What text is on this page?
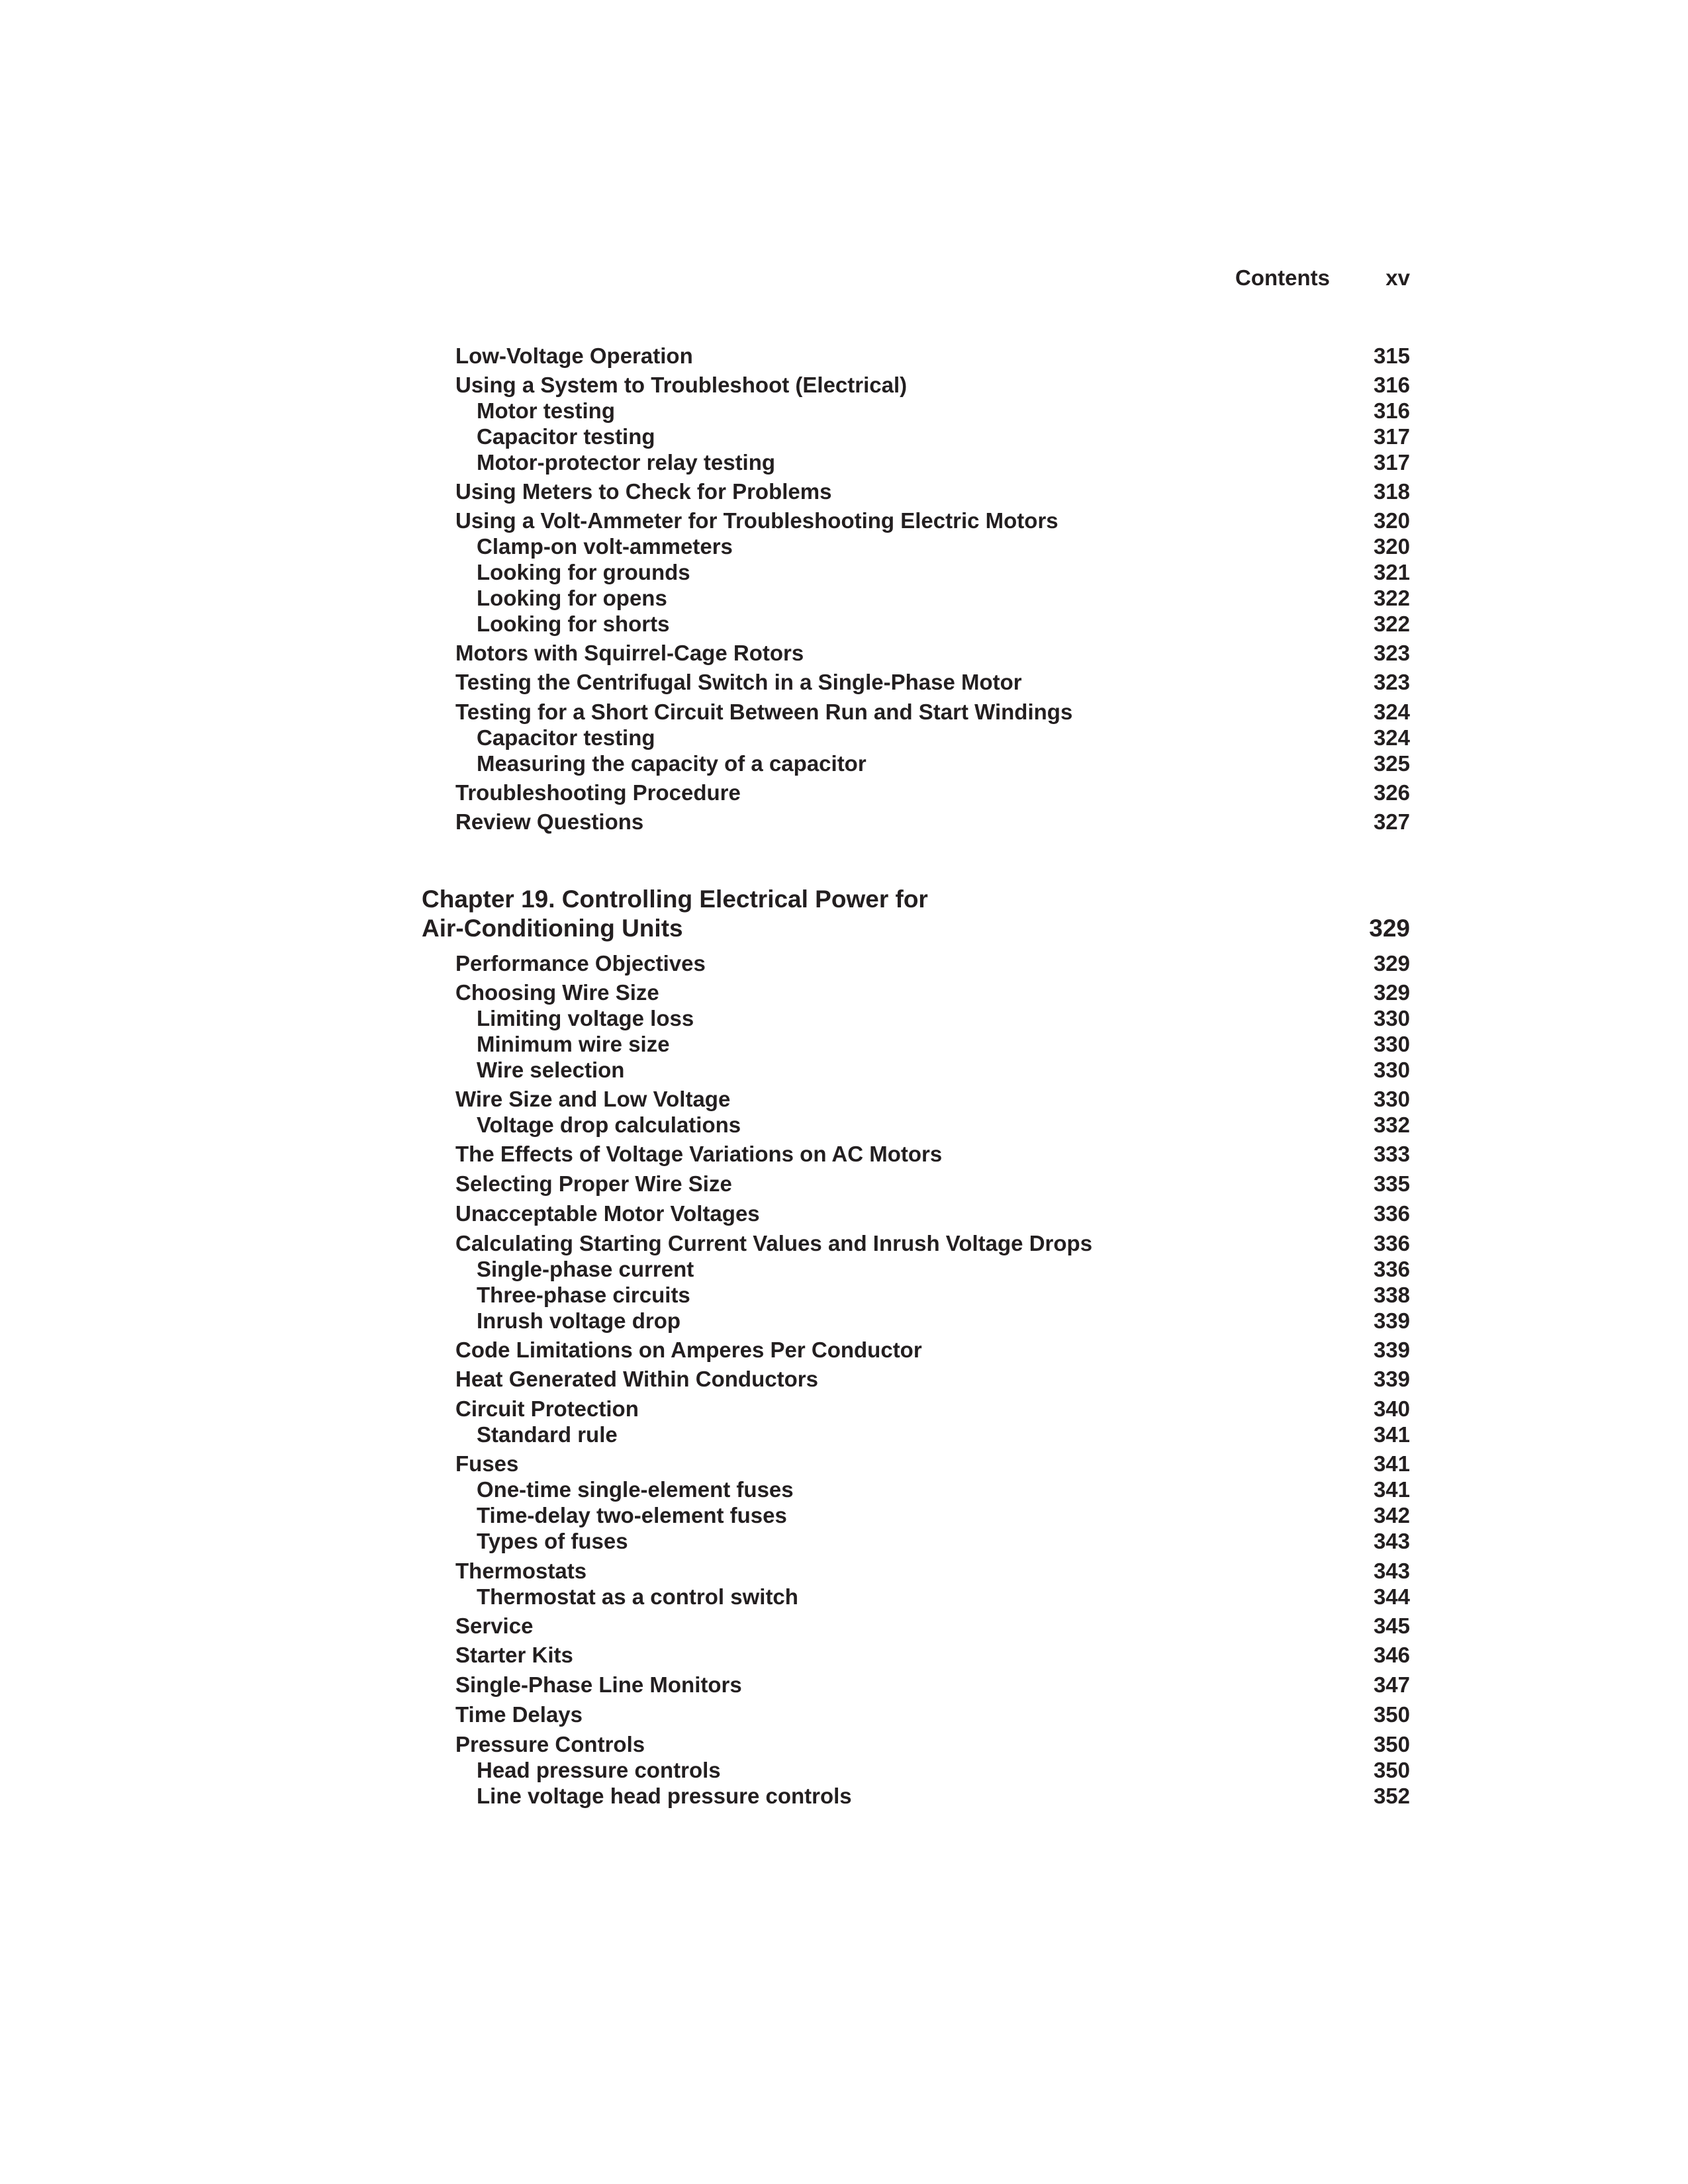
Contents	xv
Low-Voltage Operation	315
Using a System to Troubleshoot (Electrical)	316
Motor testing	316
Capacitor testing	317
Motor-protector relay testing	317
Using Meters to Check for Problems	318
Using a Volt-Ammeter for Troubleshooting Electric Motors	320
Clamp-on volt-ammeters	320
Looking for grounds	321
Looking for opens	322
Looking for shorts	322
Motors with Squirrel-Cage Rotors	323
Testing the Centrifugal Switch in a Single-Phase Motor	323
Testing for a Short Circuit Between Run and Start Windings	324
Capacitor testing	324
Measuring the capacity of a capacitor	325
Troubleshooting Procedure	326
Review Questions	327
Chapter 19. Controlling Electrical Power for
Air-Conditioning Units	329
Performance Objectives	329
Choosing Wire Size	329
Limiting voltage loss	330
Minimum wire size	330
Wire selection	330
Wire Size and Low Voltage	330
Voltage drop calculations	332
The Effects of Voltage Variations on AC Motors	333
Selecting Proper Wire Size	335
Unacceptable Motor Voltages	336
Calculating Starting Current Values and Inrush Voltage Drops	336
Single-phase current	336
Three-phase circuits	338
Inrush voltage drop	339
Code Limitations on Amperes Per Conductor	339
Heat Generated Within Conductors	339
Circuit Protection	340
Standard rule	341
Fuses	341
One-time single-element fuses	341
Time-delay two-element fuses	342
Types of fuses	343
Thermostats	343
Thermostat as a control switch	344
Service	345
Starter Kits	346
Single-Phase Line Monitors	347
Time Delays	350
Pressure Controls	350
Head pressure controls	350
Line voltage head pressure controls	352
